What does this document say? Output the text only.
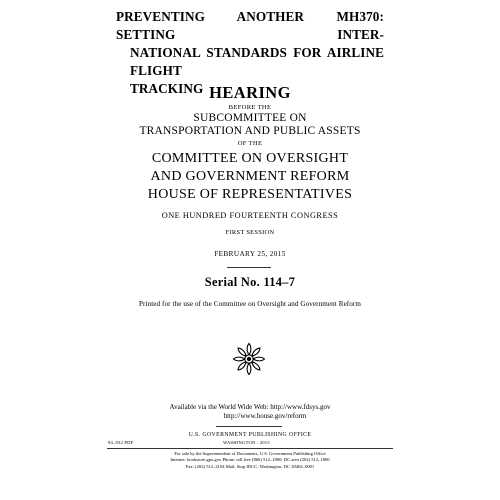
PREVENTING ANOTHER MH370: SETTING INTER-
NATIONAL STANDARDS FOR AIRLINE FLIGHT
TRACKING HEARING
BEFORE THE
SUBCOMMITTEE ON
TRANSPORTATION AND PUBLIC ASSETS
OF THE
COMMITTEE ON OVERSIGHT
AND GOVERNMENT REFORM
HOUSE OF REPRESENTATIVES
ONE HUNDRED FOURTEENTH CONGRESS
FIRST SESSION
FEBRUARY 25, 2015
Serial No. 114–7
Printed for the use of the Committee on Oversight and Government Reform
Available via the World Wide Web: http://www.fdsys.gov
http://www.house.gov/reform
U.S. GOVERNMENT PUBLISHING OFFICE
94–932 PDF	WASHINGTON : 2015
For sale by the Superintendent of Documents, U.S. Government Publishing Office
Internet: bookstore.gpo.gov Phone: toll free (866) 512–1800; DC area (202) 512–1800
Fax: (202) 512–2104 Mail: Stop IDCC, Washington, DC 20402–0001
